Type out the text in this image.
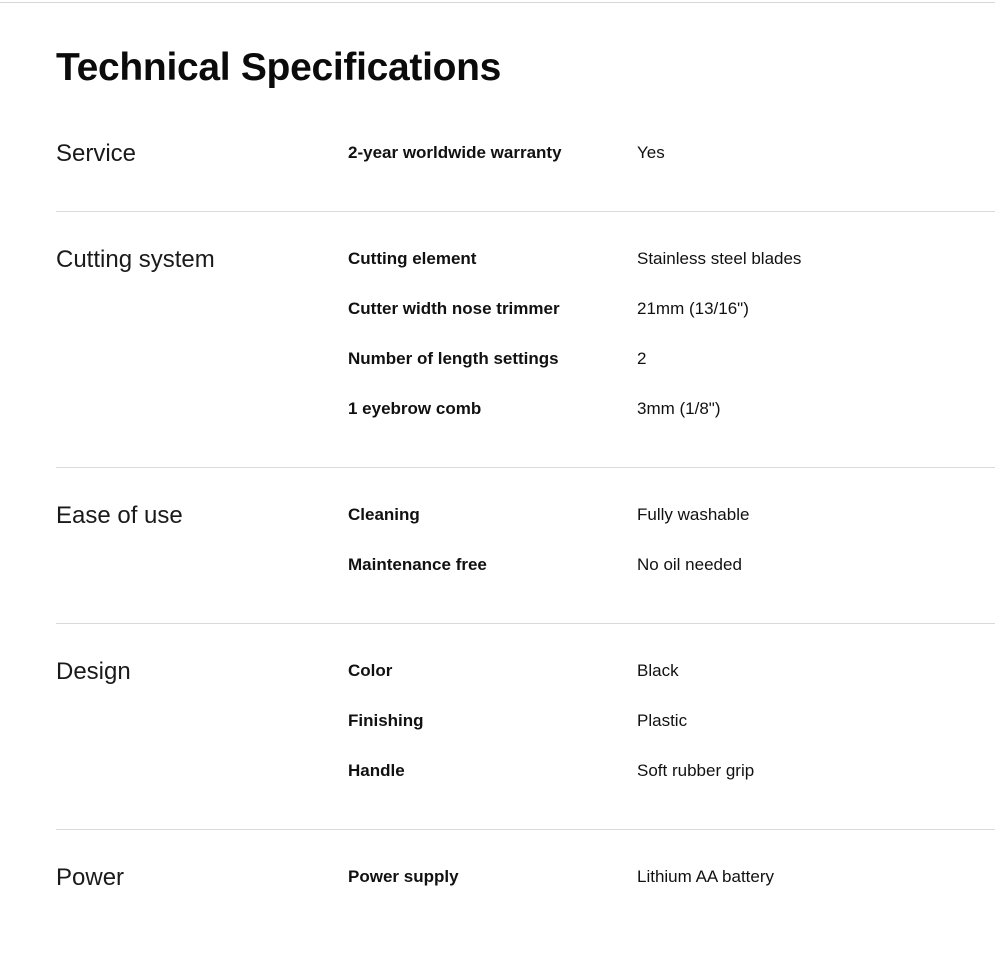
Technical Specifications
Service	2-year worldwide warranty	Yes
Cutting system	Cutting element	Stainless steel blades
Cutter width nose trimmer	21mm (13/16")
Number of length settings	2
1 eyebrow comb	3mm (1/8")
Ease of use	Cleaning	Fully washable
Maintenance free	No oil needed
Design	Color	Black
Finishing	Plastic
Handle	Soft rubber grip
Power	Power supply	Lithium AA battery
